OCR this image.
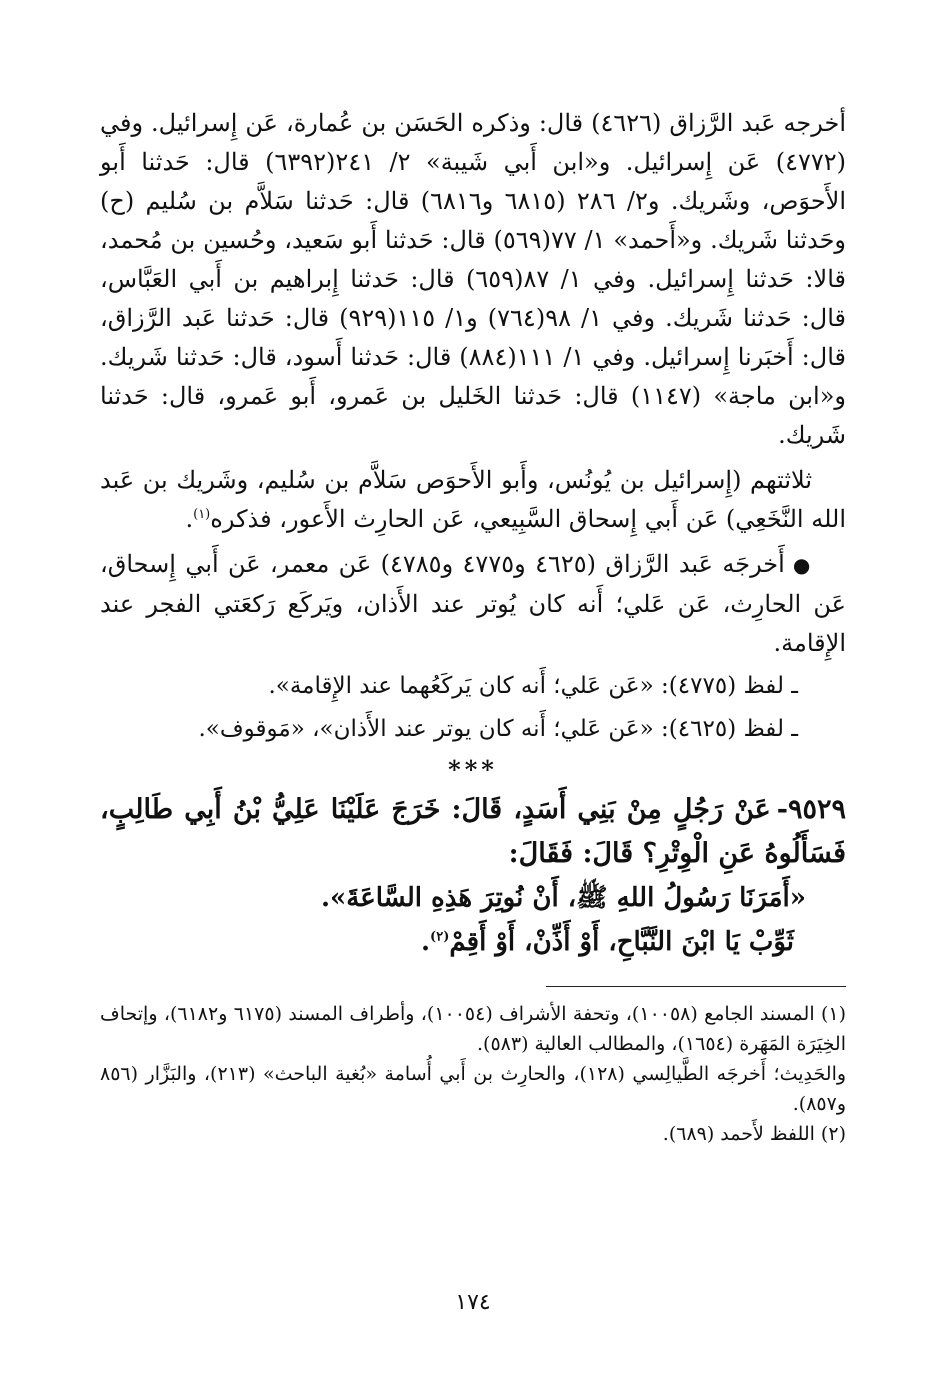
أخرجه عَبد الرَّزاق (٤٦٢٦) قال: وذكره الحَسَن بن عُمارة، عَن إِسرائيل. وفي (٤٧٧٢) عَن إِسرائيل. و«ابن أَبي شَيبة» ٢/ ٢٤١(٦٣٩٢) قال: حَدثنا أَبو الأَحوَص، وشَريك. و٢/ ٢٨٦ (٦٨١٥ و٦٨١٦) قال: حَدثنا سَلاَّم بن سُليم (ح) وحَدثنا شَريك. و«أَحمد» ١/ ٧٧(٥٦٩) قال: حَدثنا أَبو سَعيد، وحُسين بن مُحمد، قالا: حَدثنا إِسرائيل. وفي ١/ ٨٧(٦٥٩) قال: حَدثنا إِبراهيم بن أَبي العَبَّاس، قال: حَدثنا شَريك. وفي ١/ ٩٨(٧٦٤) و١/ ١١٥(٩٢٩) قال: حَدثنا عَبد الرَّزاق، قال: أَخبَرنا إِسرائيل. وفي ١/ ١١١(٨٨٤) قال: حَدثنا أَسود، قال: حَدثنا شَريك. و«ابن ماجة» (١١٤٧) قال: حَدثنا الخَليل بن عَمرو، أَبو عَمرو، قال: حَدثنا شَريك.

ثلاثتهم (إِسرائيل بن يُونُس، وأَبو الأَحوَص سَلاَّم بن سُليم، وشَريك بن عَبد الله النَّخَعِي) عَن أَبي إِسحاق السَّبِيعي، عَن الحارِث الأَعور، فذكره$^{(١)}$.

●أَخرجَه عَبد الرَّزاق (٤٦٢٥ و٤٧٧٥ و٤٧٨٥) عَن معمر، عَن أَبي إِسحاق، عَن الحارِث، عَن عَلي؛ أَنه كان يُوتر عند الأَذان، ويَركَع رَكعَتي الفجر عند الإِقامة.

ـ لفظ (٤٧٧٥): «عَن عَلي؛ أَنه كان يَركَعُهما عند الإِقامة».

ـ لفظ (٤٦٢٥): «عَن عَلي؛ أَنه كان يوتر عند الأَذان»، «مَوقوف».

***

٩٥٢٩-عَنْ رَجُلٍ مِنْ بَنِي أَسَدٍ، قَالَ: خَرَجَ عَلَيْنَا عَلِيُّ بْنُ أَبِي طَالِبٍ، فَسَأَلُوهُ عَنِ الْوِتْرِ؟ قَالَ: فَقَالَ:

«أَمَرَنَا رَسُولُ اللهِ ﷺ، أَنْ نُوتِرَ هَذِهِ السَّاعَةَ».

ثَوِّبْ يَا ابْنَ النَّبَّاحِ، أَوْ أَذِّنْ، أَوْ أَقِمْ$^{(٢)}$.

(١) المسند الجامع (١٠٠٥٨)، وتحفة الأشراف (١٠٠٥٤)، وأطراف المسند (٦١٧٥ و٦١٨٢)، وإتحاف الخِيَرَة المَهَرة (١٦٥٤)، والمطالب العالية (٥٨٣).

والحَدِيث؛ أَخرجَه الطَّيالِسي (١٢٨)، والحارِث بن أَبي أُسامة «بُغية الباحث» (٢١٣)، والبَزَّار (٨٥٦ و٨٥٧).

(٢) اللفظ لأَحمد (٦٨٩).

١٧٤
